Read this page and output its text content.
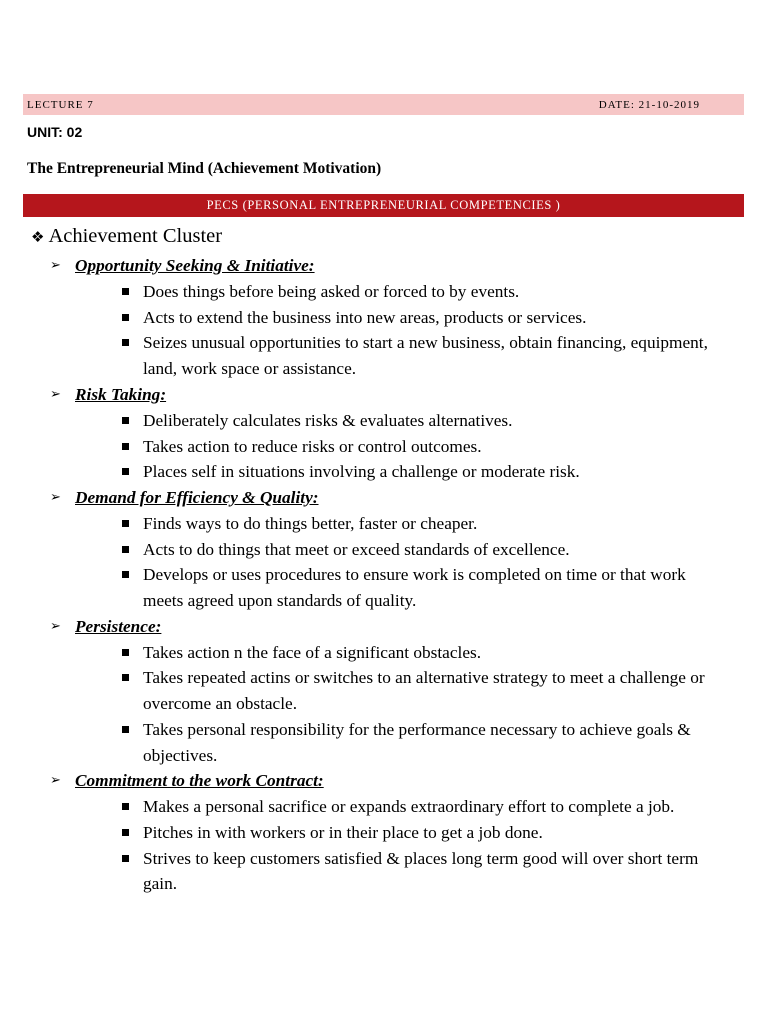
LECTURE 7	DATE: 21-10-2019
UNIT: 02
The Entrepreneurial Mind (Achievement Motivation)
PECS (PERSONAL ENTREPRENEURIAL COMPETENCIES )
❖ Achievement Cluster
➢ Opportunity Seeking & Initiative:
Does things before being asked or forced to by events.
Acts to extend the business into new areas, products or services.
Seizes unusual opportunities to start a new business, obtain financing, equipment, land, work space or assistance.
➢ Risk Taking:
Deliberately calculates risks & evaluates alternatives.
Takes action to reduce risks or control outcomes.
Places self in situations involving a challenge or moderate risk.
➢ Demand for Efficiency & Quality:
Finds ways to do things better, faster or cheaper.
Acts to do things that meet or exceed standards of excellence.
Develops or uses procedures to ensure work is completed on time or that work meets agreed upon standards of quality.
➢ Persistence:
Takes action n the face of a significant obstacles.
Takes repeated actins or switches to an alternative strategy to meet a challenge or overcome an obstacle.
Takes personal responsibility for the performance necessary to achieve goals & objectives.
➢ Commitment to the work Contract:
Makes a personal sacrifice or expands extraordinary effort to complete a job.
Pitches in with workers or in their place to get a job done.
Strives to keep customers satisfied & places long term good will over short term gain.
